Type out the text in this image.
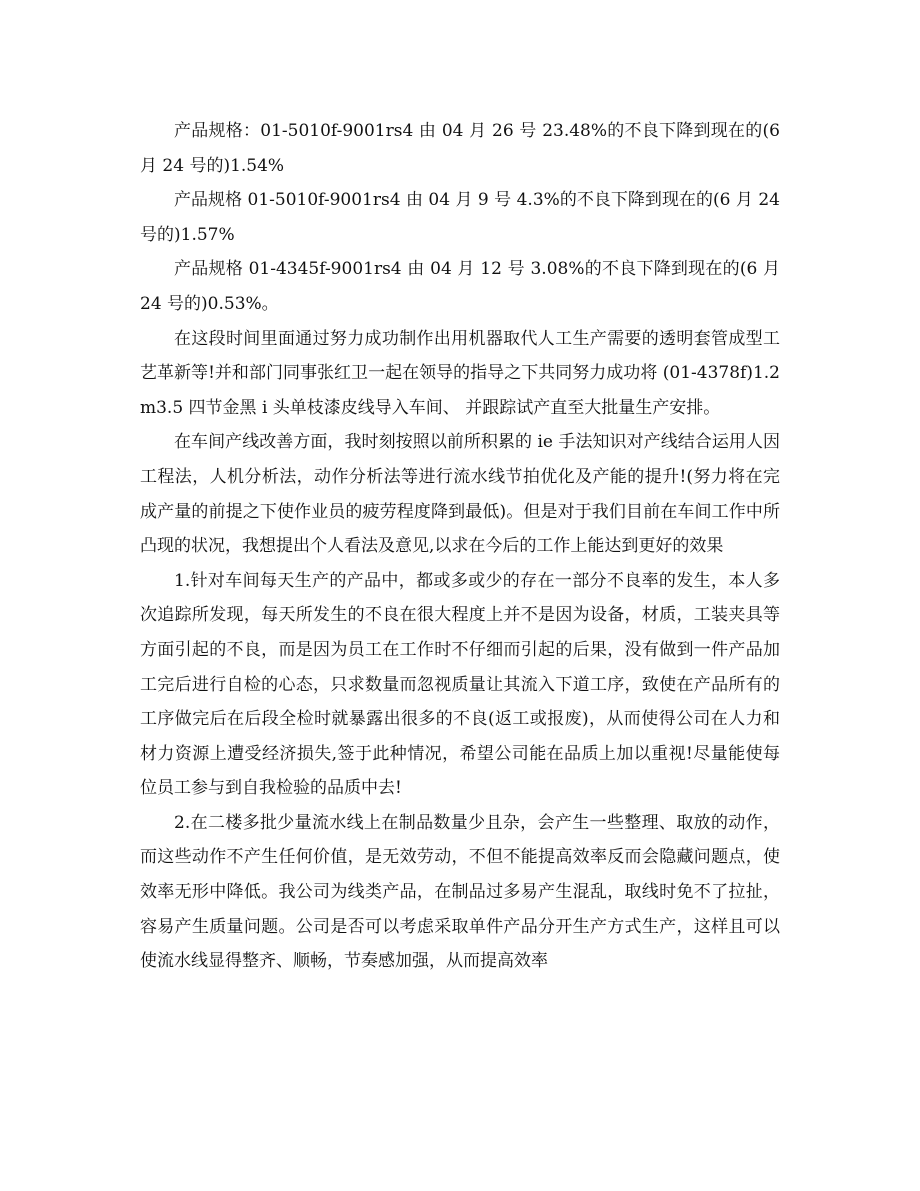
产品规格：01-5010f-9001rs4 由 04 月 26 号 23.48%的不良下降到现在的(6 月 24 号的)1.54%

产品规格 01-5010f-9001rs4 由 04 月 9 号 4.3%的不良下降到现在的(6 月 24 号的)1.57%

产品规格 01-4345f-9001rs4 由 04 月 12 号 3.08%的不良下降到现在的(6 月 24 号的)0.53%。

在这段时间里面通过努力成功制作出用机器取代人工生产需要的透明套管成型工艺革新等!并和部门同事张红卫一起在领导的指导之下共同努力成功将 (01-4378f)1.2m3.5 四节金黑 i 头单枝漆皮线导入车间、 并跟踪试产直至大批量生产安排。

在车间产线改善方面，我时刻按照以前所积累的 ie 手法知识对产线结合运用人因工程法，人机分析法，动作分析法等进行流水线节拍优化及产能的提升!(努力将在完成产量的前提之下使作业员的疲劳程度降到最低)。但是对于我们目前在车间工作中所凸现的状况，我想提出个人看法及意见,以求在今后的工作上能达到更好的效果

1.针对车间每天生产的产品中，都或多或少的存在一部分不良率的发生，本人多次追踪所发现，每天所发生的不良在很大程度上并不是因为设备，材质，工装夹具等方面引起的不良，而是因为员工在工作时不仔细而引起的后果，没有做到一件产品加工完后进行自检的心态，只求数量而忽视质量让其流入下道工序，致使在产品所有的工序做完后在后段全检时就暴露出很多的不良(返工或报废)，从而使得公司在人力和材力资源上遭受经济损失,签于此种情况，希望公司能在品质上加以重视!尽量能使每位员工参与到自我检验的品质中去!

2.在二楼多批少量流水线上在制品数量少且杂，会产生一些整理、取放的动作，而这些动作不产生任何价值，是无效劳动，不但不能提高效率反而会隐藏问题点，使效率无形中降低。我公司为线类产品，在制品过多易产生混乱，取线时免不了拉扯，容易产生质量问题。公司是否可以考虑采取单件产品分开生产方式生产，这样且可以使流水线显得整齐、顺畅，节奏感加强，从而提高效率
